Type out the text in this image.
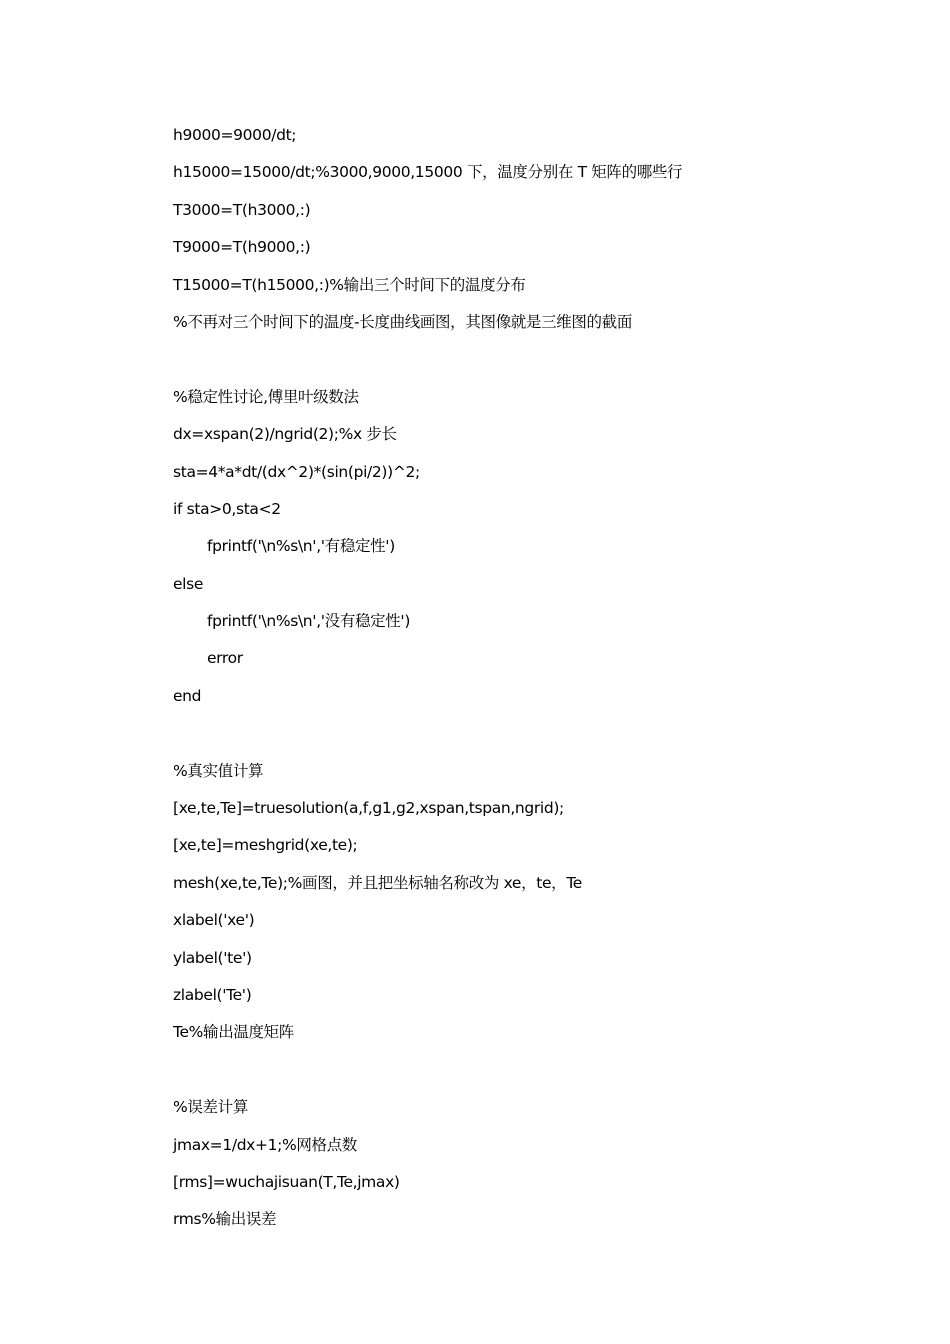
h9000=9000/dt;
h15000=15000/dt;%3000,9000,15000 下，温度分别在 T 矩阵的哪些行
T3000=T(h3000,:)
T9000=T(h9000,:)
T15000=T(h15000,:)%输出三个时间下的温度分布
%不再对三个时间下的温度-长度曲线画图，其图像就是三维图的截面
%稳定性讨论,傅里叶级数法
dx=xspan(2)/ngrid(2);%x 步长
sta=4*a*dt/(dx^2)*(sin(pi/2))^2;
if sta>0,sta<2
fprintf('\n%s\n','有稳定性')
else
fprintf('\n%s\n','没有稳定性')
error
end
%真实值计算
[xe,te,Te]=truesolution(a,f,g1,g2,xspan,tspan,ngrid);
[xe,te]=meshgrid(xe,te);
mesh(xe,te,Te);%画图，并且把坐标轴名称改为 xe，te，Te
xlabel('xe')
ylabel('te')
zlabel('Te')
Te%输出温度矩阵
%误差计算
jmax=1/dx+1;%网格点数
[rms]=wuchajisuan(T,Te,jmax)
rms%输出误差
